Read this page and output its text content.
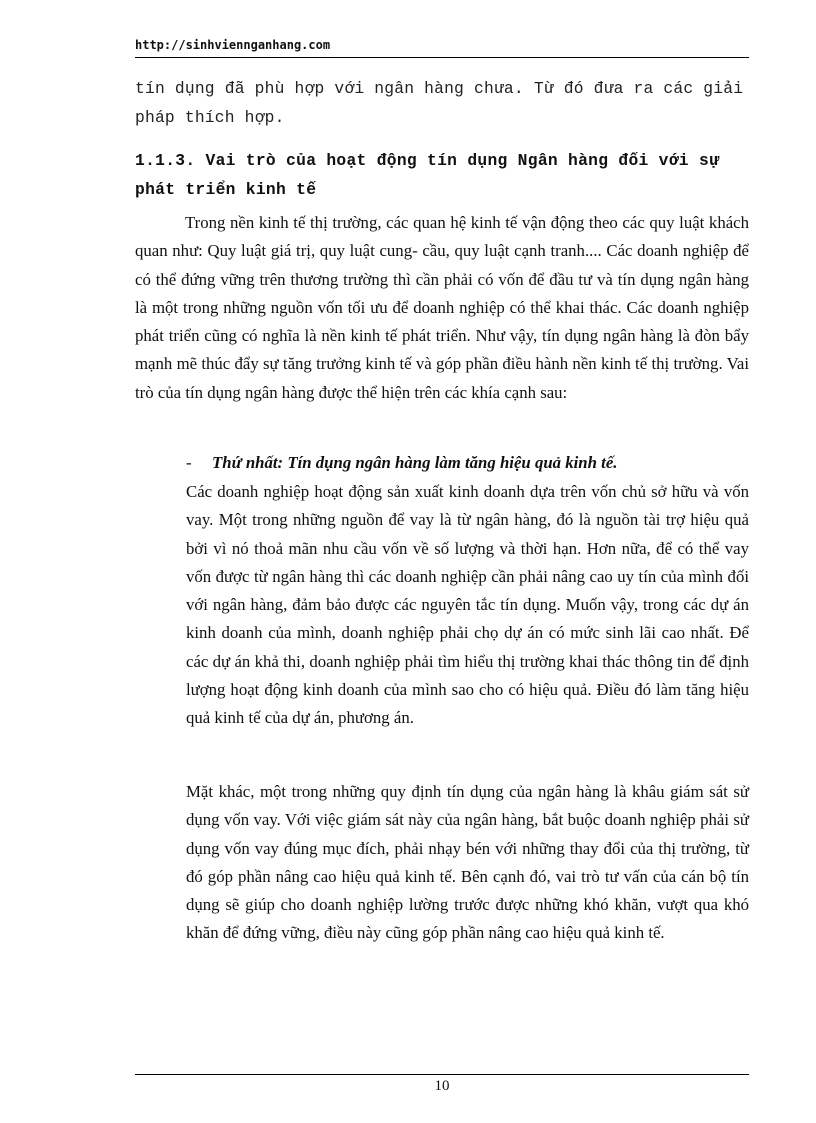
http://sinhviennganhang.com
tín dụng đã phù hợp với ngân hàng chưa. Từ đó đưa ra các giải pháp thích hợp.
1.1.3. Vai trò của hoạt động tín dụng Ngân hàng đối với sự phát triển kinh tế
Trong nền kinh tế thị trường, các quan hệ kinh tế vận động theo các quy luật khách quan như: Quy luật giá trị, quy luật cung- cầu, quy luật cạnh tranh.... Các doanh nghiệp để có thể đứng vững trên thương trường thì cần phải có vốn để đầu tư và tín dụng ngân hàng là một trong những nguồn vốn tối ưu để doanh nghiệp có thể khai thác. Các doanh nghiệp phát triển cũng có nghĩa là nền kinh tế phát triển. Như vậy, tín dụng ngân hàng là đòn bẩy mạnh mẽ thúc đẩy sự tăng trưởng kinh tế và góp phần điều hành nền kinh tế thị trường. Vai trò của tín dụng ngân hàng được thể hiện trên các khía cạnh sau:
- Thứ nhất: Tín dụng ngân hàng làm tăng hiệu quả kinh tế.
Các doanh nghiệp hoạt động sản xuất kinh doanh dựa trên vốn chủ sở hữu và vốn vay. Một trong những nguồn để vay là từ ngân hàng, đó là nguồn tài trợ hiệu quả bởi vì nó thoả mãn nhu cầu vốn về số lượng và thời hạn. Hơn nữa, để có thể vay vốn được từ ngân hàng thì các doanh nghiệp cần phải nâng cao uy tín của mình đối với ngân hàng, đảm bảo được các nguyên tắc tín dụng. Muốn vậy, trong các dự án kinh doanh của mình, doanh nghiệp phải chọ dự án có mức sinh lãi cao nhất. Để các dự án khả thi, doanh nghiệp phải tìm hiểu thị trường khai thác thông tin để định lượng hoạt động kinh doanh của mình sao cho có hiệu quả. Điều đó làm tăng hiệu quả kinh tế của dự án, phương án.
Mặt khác, một trong những quy định tín dụng của ngân hàng là khâu giám sát sử dụng vốn vay. Với việc giám sát này của ngân hàng, bắt buộc doanh nghiệp phải sử dụng vốn vay đúng mục đích, phải nhạy bén với những thay đổi của thị trường, từ đó góp phần nâng cao hiệu quả kinh tế. Bên cạnh đó, vai trò tư vấn của cán bộ tín dụng sẽ giúp cho doanh nghiệp lường trước được những khó khăn, vượt qua khó khăn để đứng vững, điều này cũng góp phần nâng cao hiệu quả kinh tế.
10
